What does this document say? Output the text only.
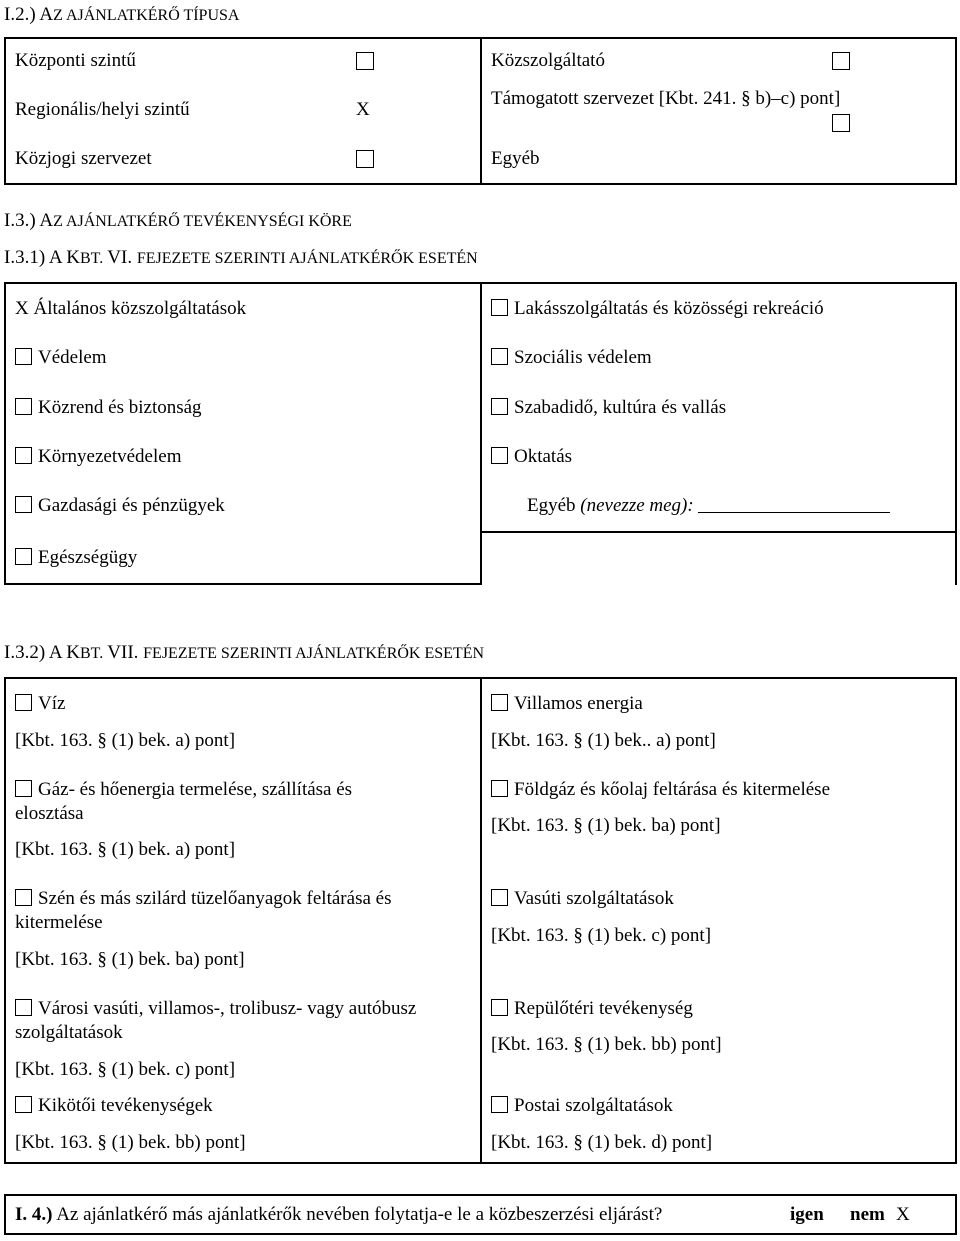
I.2.) AZ AJÁNLATKÉRŐ TÍPUSA
Központi szintű
Regionális/helyi szintű	X
Közjogi szervezet
Közszolgáltató
Támogatott szervezet [Kbt. 241. § b)–c) pont]
Egyéb
I.3.) AZ AJÁNLATKÉRŐ TEVÉKENYSÉGI KÖRE
I.3.1) A KBT. VI. FEJEZETE SZERINTI AJÁNLATKÉRŐK ESETÉN
X Általános közszolgáltatások
Védelem
Közrend és biztonság
Környezetvédelem
Gazdasági és pénzügyek
Egészségügy
Lakásszolgáltatás és közösségi rekreáció
Szociális védelem
Szabadidő, kultúra és vallás
Oktatás
Egyéb (nevezze meg):
I.3.2) A KBT. VII. FEJEZETE SZERINTI AJÁNLATKÉRŐK ESETÉN
Víz
[Kbt. 163. § (1) bek. a) pont]
Gáz- és hőenergia termelése, szállítása és
elosztása
[Kbt. 163. § (1) bek. a) pont]
Szén és más szilárd tüzelőanyagok feltárása és
kitermelése
[Kbt. 163. § (1) bek. ba) pont]
Városi vasúti, villamos-, trolibusz- vagy autóbusz
szolgáltatások
[Kbt. 163. § (1) bek. c) pont]
Kikötői tevékenységek
[Kbt. 163. § (1) bek. bb) pont]
Villamos energia
[Kbt. 163. § (1) bek.. a) pont]
Földgáz és kőolaj feltárása és kitermelése
[Kbt. 163. § (1) bek. ba) pont]
Vasúti szolgáltatások
[Kbt. 163. § (1) bek. c) pont]
Repülőtéri tevékenység
[Kbt. 163. § (1) bek. bb) pont]
Postai szolgáltatások
[Kbt. 163. § (1) bek. d) pont]
I. 4.) Az ajánlatkérő más ajánlatkérők nevében folytatja-e le a közbeszerzési eljárást?	igen nem X
